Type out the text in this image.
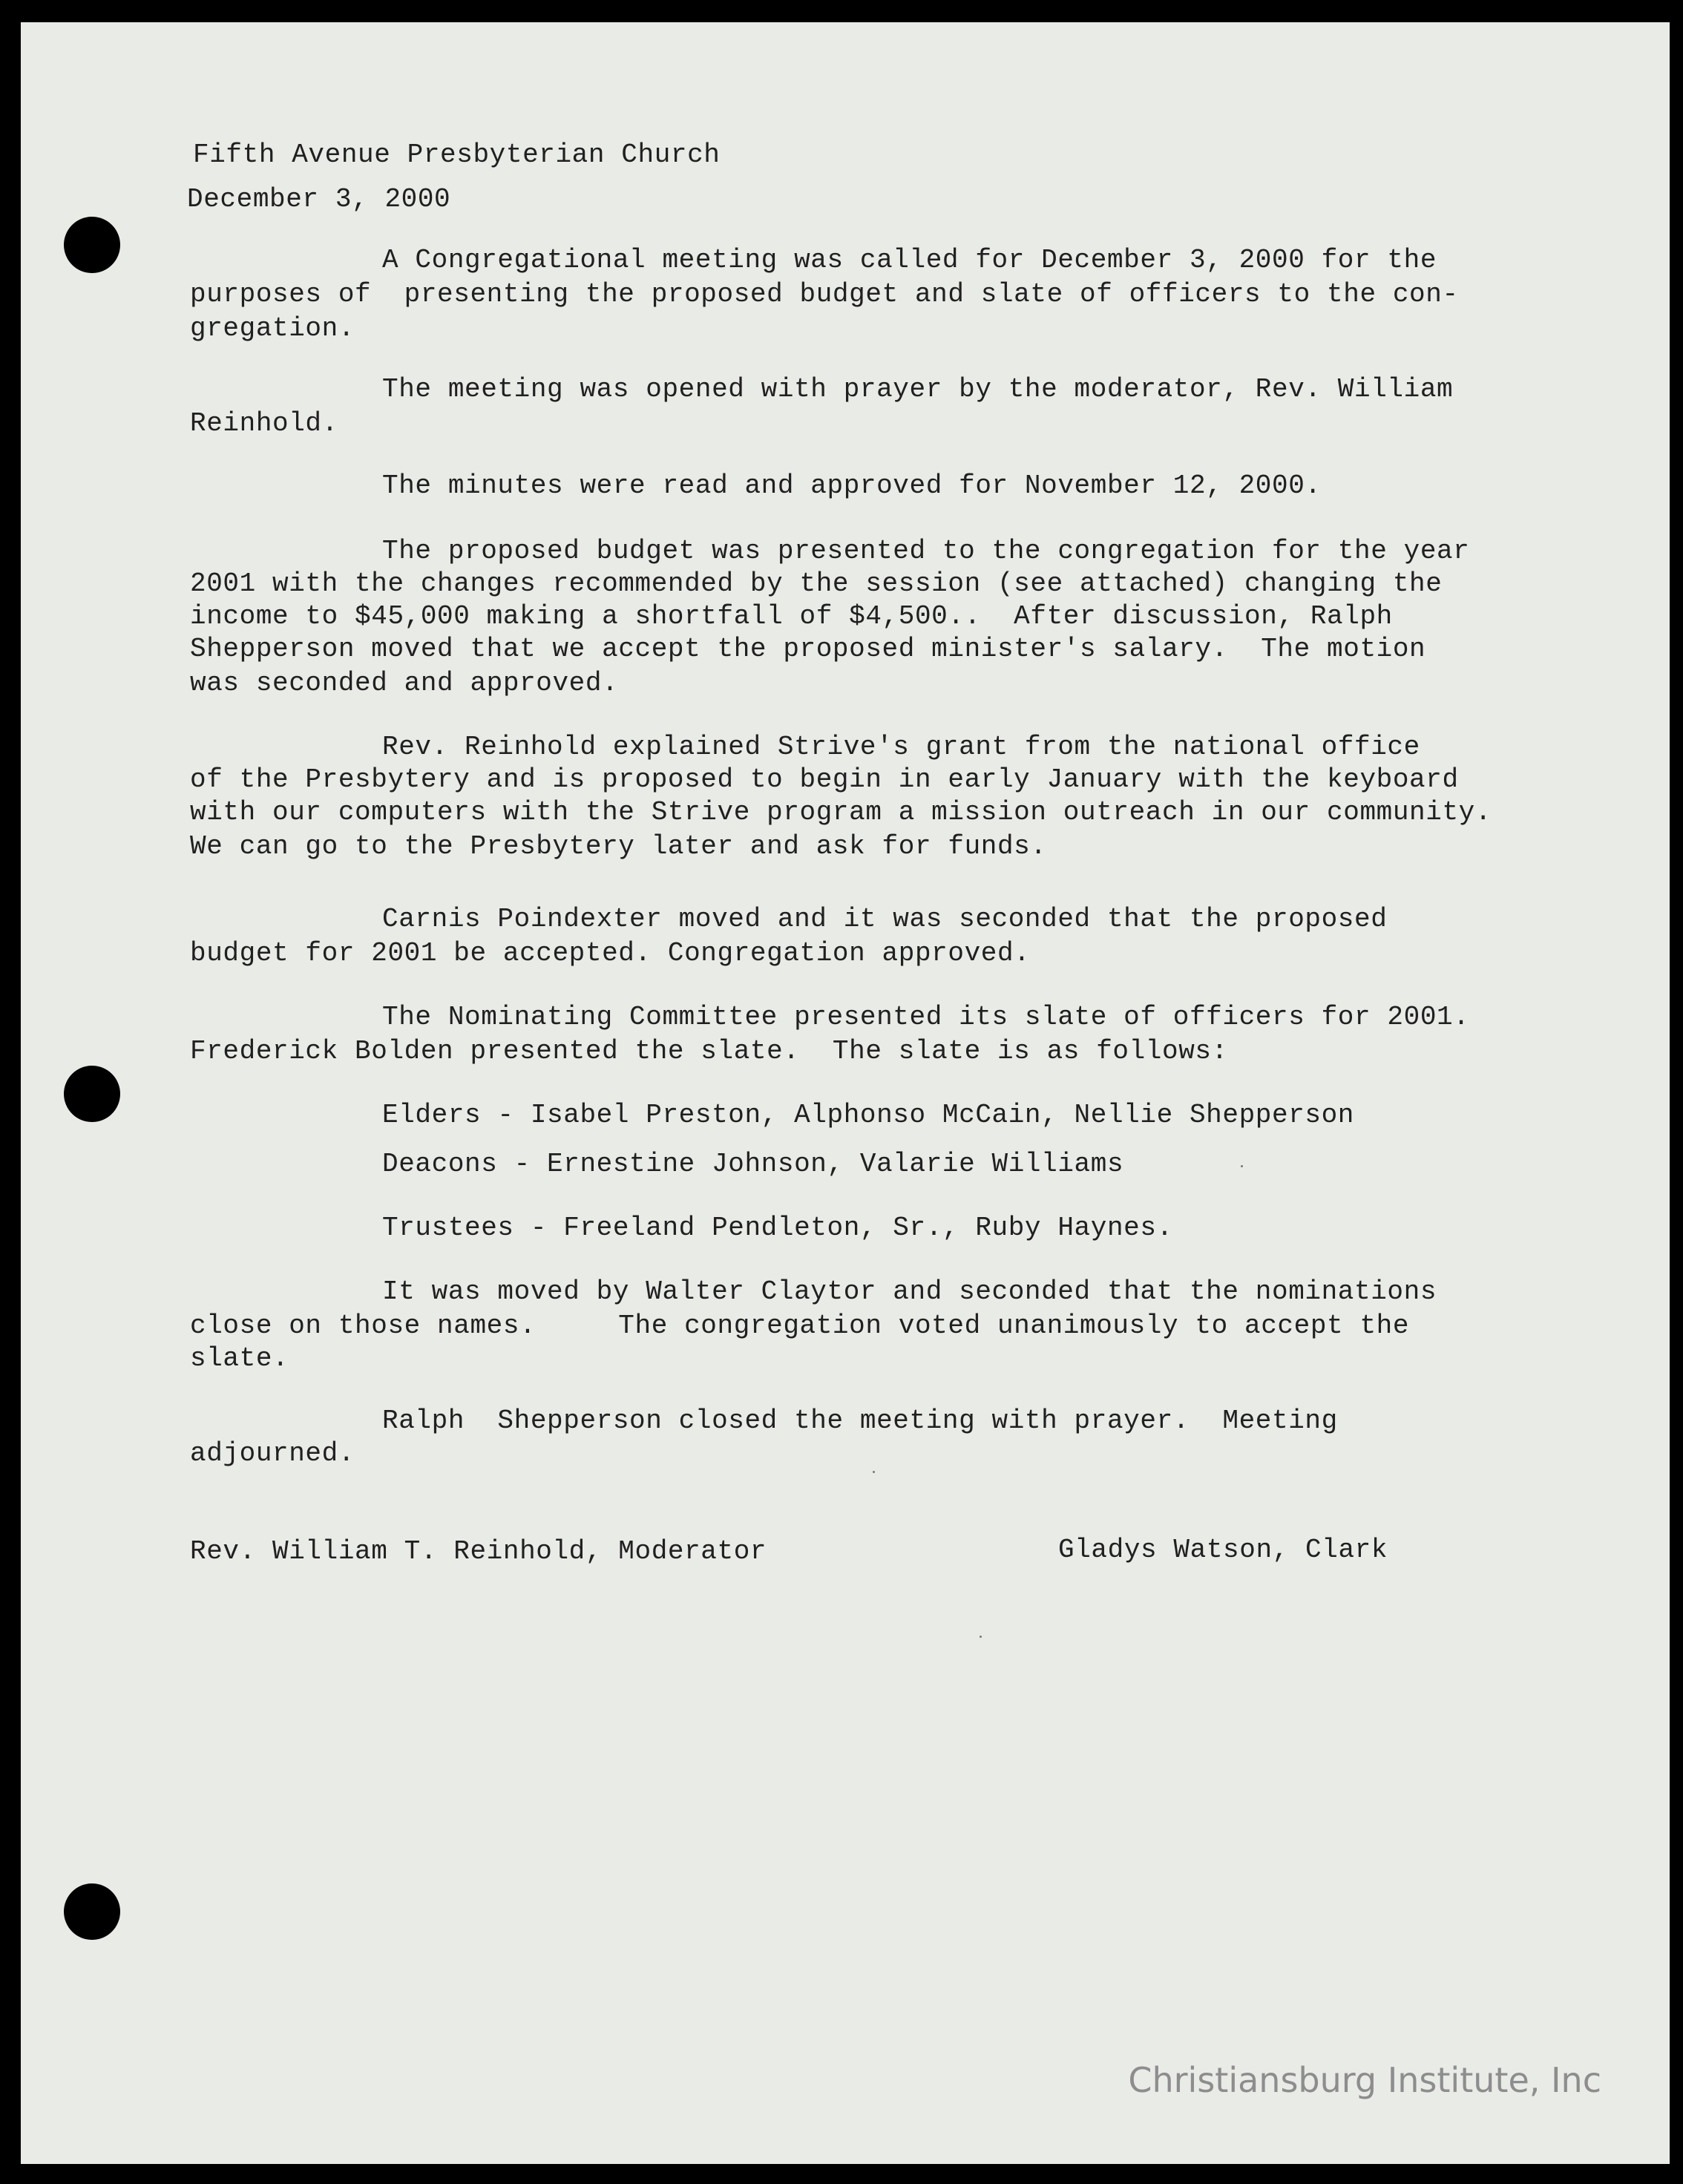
Fifth Avenue Presbyterian Church
December 3, 2000
A Congregational meeting was called for December 3, 2000 for the
purposes of  presenting the proposed budget and slate of officers to the con-
gregation.
The meeting was opened with prayer by the moderator, Rev. William
Reinhold.
The minutes were read and approved for November 12, 2000.
The proposed budget was presented to the congregation for the year
2001 with the changes recommended by the session (see attached) changing the
income to $45,000 making a shortfall of $4,500..  After discussion, Ralph
Shepperson moved that we accept the proposed minister's salary.  The motion
was seconded and approved.
Rev. Reinhold explained Strive's grant from the national office
of the Presbytery and is proposed to begin in early January with the keyboard
with our computers with the Strive program a mission outreach in our community.
We can go to the Presbytery later and ask for funds.
Carnis Poindexter moved and it was seconded that the proposed
budget for 2001 be accepted. Congregation approved.
The Nominating Committee presented its slate of officers for 2001.
Frederick Bolden presented the slate.  The slate is as follows:
Elders - Isabel Preston, Alphonso McCain, Nellie Shepperson
Deacons - Ernestine Johnson, Valarie Williams
Trustees - Freeland Pendleton, Sr., Ruby Haynes.
It was moved by Walter Claytor and seconded that the nominations
close on those names.     The congregation voted unanimously to accept the
slate.
Ralph  Shepperson closed the meeting with prayer.  Meeting
adjourned.
Rev. William T. Reinhold, Moderator	Gladys Watson, Clark
Christiansburg Institute, Inc
